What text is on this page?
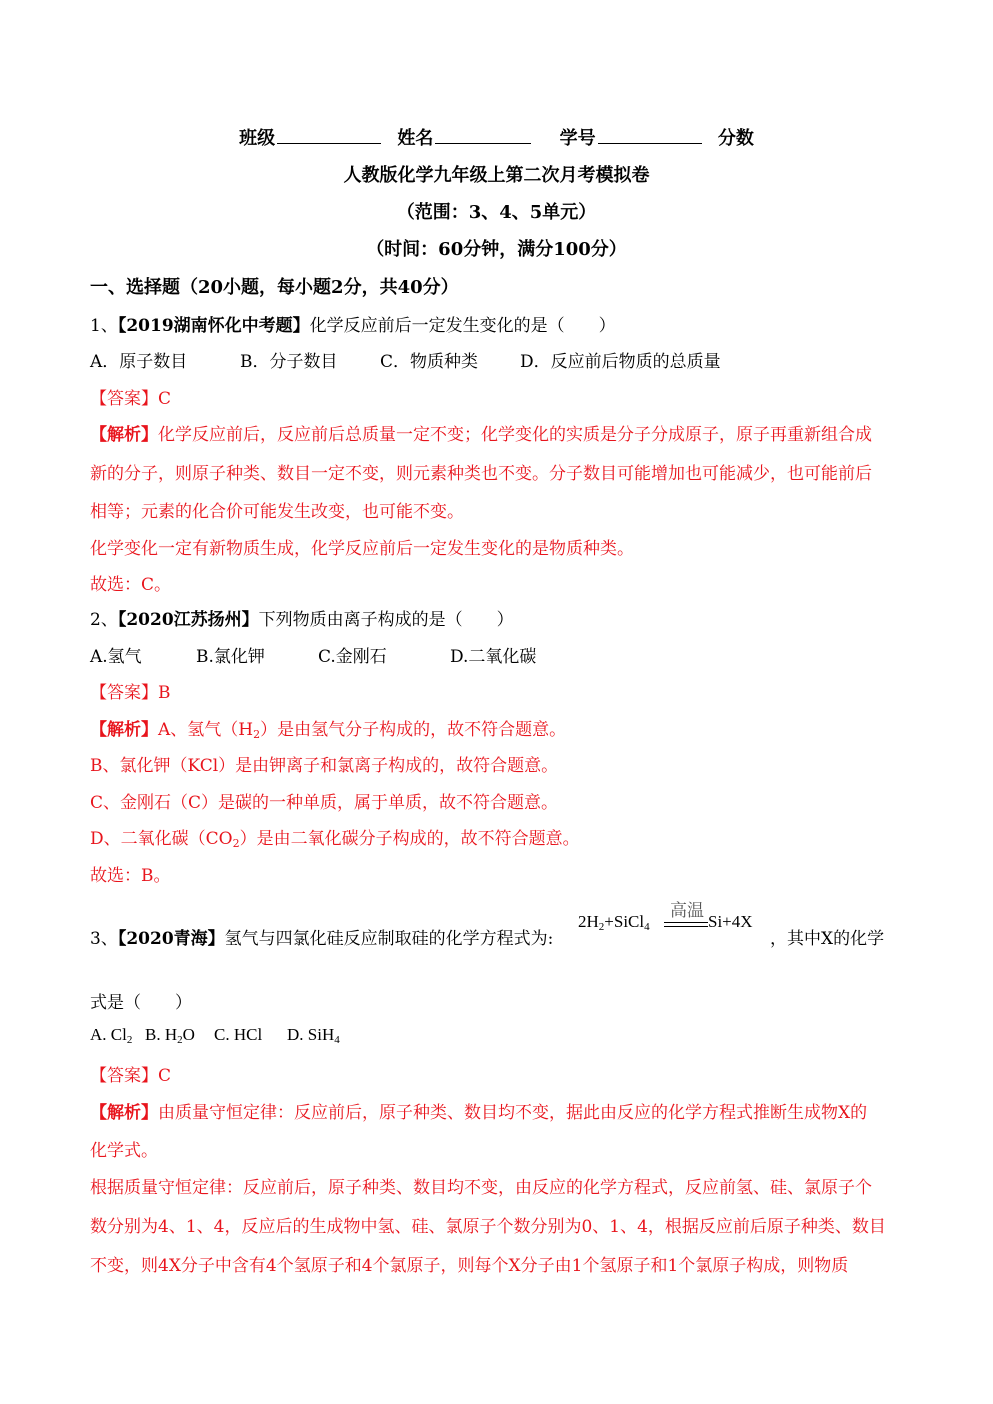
班级	姓名	学号	分数
人教版化学九年级上第二次月考模拟卷
（范围：3、4、5单元）
（时间：60分钟，满分100分）
一、选择题（20小题，每小题2分，共40分）
1、【2019湖南怀化中考题】化学反应前后一定发生变化的是（　　）
A．原子数目	B．分子数目	C．物质种类 D．反应前后物质的总质量
【答案】C
【解析】化学反应前后，反应前后总质量一定不变；化学变化的实质是分子分成原子，原子再重新组合成
新的分子，则原子种类、数目一定不变，则元素种类也不变。分子数目可能增加也可能减少，也可能前后
相等；元素的化合价可能发生改变，也可能不变。
化学变化一定有新物质生成，化学反应前后一定发生变化的是物质种类。
故选：C。
2、【2020江苏扬州】下列物质由离子构成的是（　　）
A.氢气	B.氯化钾	C.金刚石	D.二氧化碳
【答案】B
【解析】A、氢气$(H_2)$是由氢气分子构成的，故不符合题意。
B、氯化钾（KCl）是由钾离子和氯离子构成的，故符合题意。
C、金刚石（C）是碳的一种单质，属于单质，故不符合题意。
D、二氧化碳$(CO_2)$是由二氧化碳分子构成的，故不符合题意。
故选：B。
3、【2020青海】氢气与四氯化硅反应制取硅的化学方程式为:
高温
$2H_2+SiCl_4$	Si+4X
，其中X的化学
式是（　　）
A. $Cl_2$ B. $H_2O$ C. HCl D. SiH$_4$
【答案】C
【解析】由质量守恒定律：反应前后，原子种类、数目均不变，据此由反应的化学方程式推断生成物X的
化学式。
根据质量守恒定律：反应前后，原子种类、数目均不变，由反应的化学方程式，反应前氢、硅、氯原子个
数分别为4、1、4，反应后的生成物中氢、硅、氯原子个数分别为0、1、4，根据反应前后原子种类、数目
不变，则4X分子中含有4个氢原子和4个氯原子，则每个X分子由1个氢原子和1个氯原子构成，则物质
